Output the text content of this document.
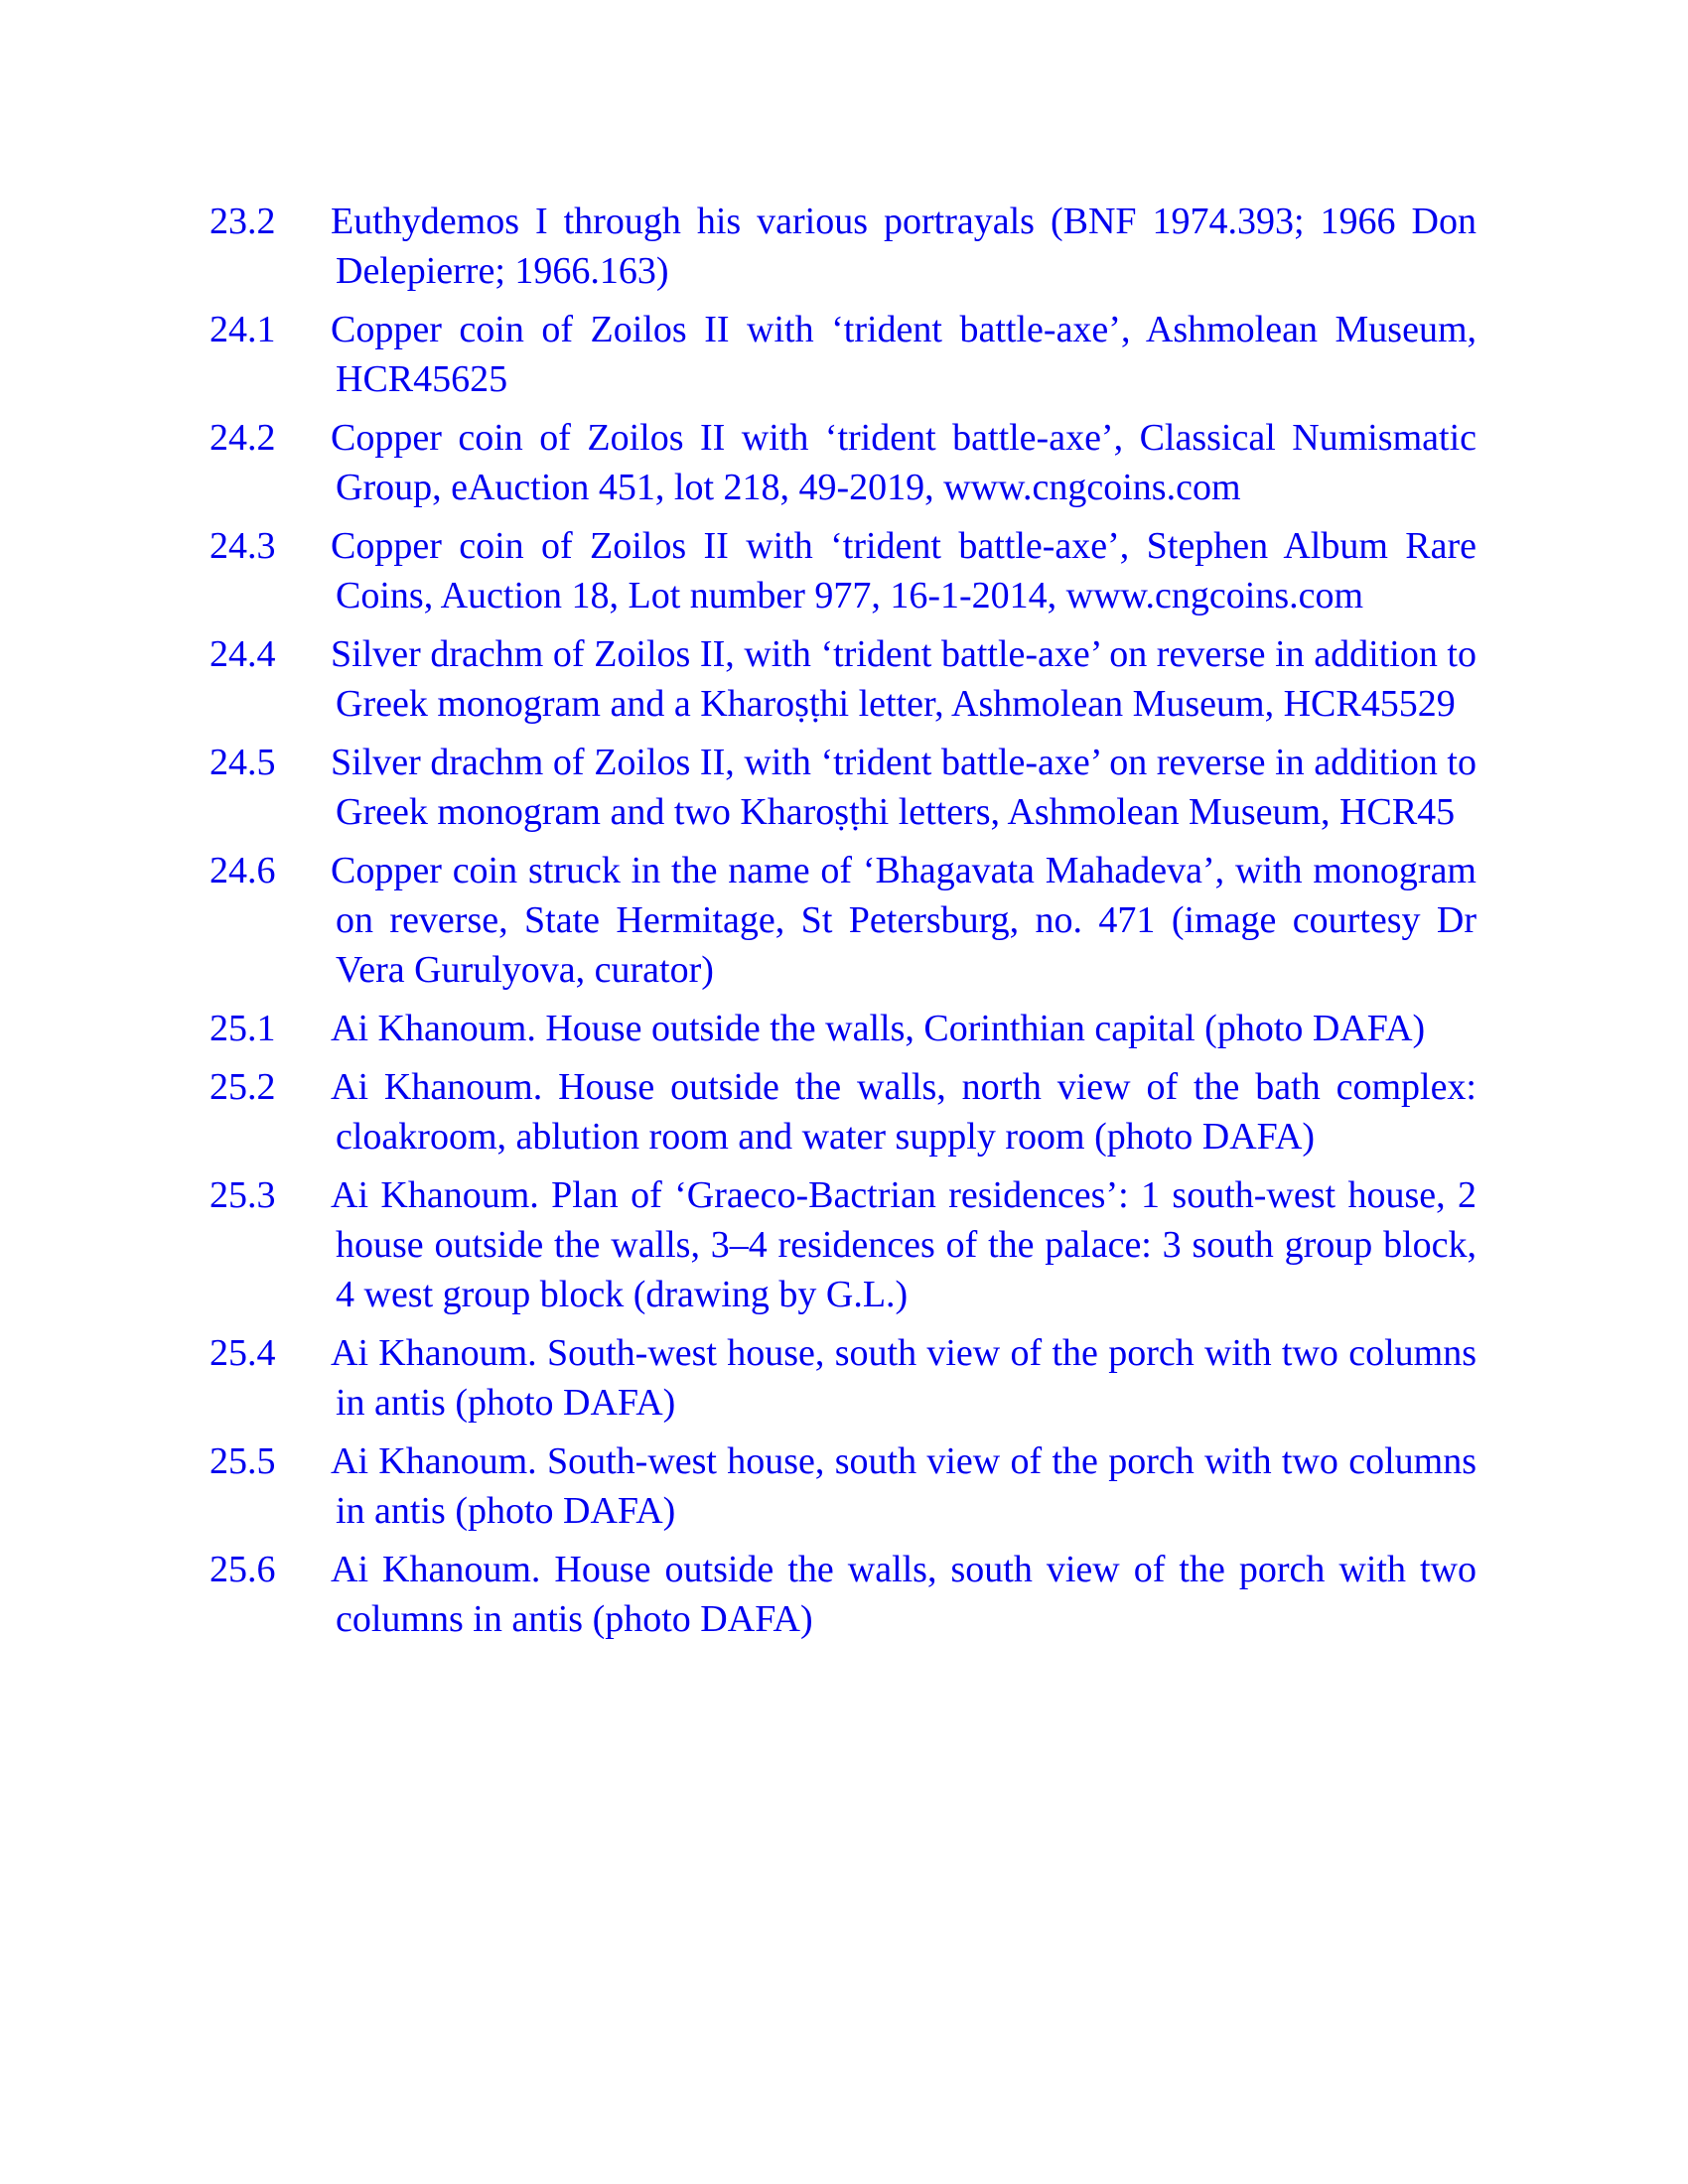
23.2 Euthydemos I through his various portrayals (BNF 1974.393; 1966 Don Delepierre; 1966.163)
24.1 Copper coin of Zoilos II with ‘trident battle-axe’, Ashmolean Museum, HCR45625
24.2 Copper coin of Zoilos II with ‘trident battle-axe’, Classical Numismatic Group, eAuction 451, lot 218, 49-2019, www.cngcoins.com
24.3 Copper coin of Zoilos II with ‘trident battle-axe’, Stephen Album Rare Coins, Auction 18, Lot number 977, 16-1-2014, www.cngcoins.com
24.4 Silver drachm of Zoilos II, with ‘trident battle-axe’ on reverse in addition to Greek monogram and a Kharoṣṭhi letter, Ashmolean Museum, HCR45529
24.5 Silver drachm of Zoilos II, with ‘trident battle-axe’ on reverse in addition to Greek monogram and two Kharoṣṭhi letters, Ashmolean Museum, HCR45
24.6 Copper coin struck in the name of ‘Bhagavata Mahadeva’, with monogram on reverse, State Hermitage, St Petersburg, no. 471 (image courtesy Dr Vera Gurulyova, curator)
25.1 Ai Khanoum. House outside the walls, Corinthian capital (photo DAFA)
25.2 Ai Khanoum. House outside the walls, north view of the bath complex: cloakroom, ablution room and water supply room (photo DAFA)
25.3 Ai Khanoum. Plan of ‘Graeco-Bactrian residences’: 1 south-west house, 2 house outside the walls, 3–4 residences of the palace: 3 south group block, 4 west group block (drawing by G.L.)
25.4 Ai Khanoum. South-west house, south view of the porch with two columns in antis (photo DAFA)
25.5 Ai Khanoum. South-west house, south view of the porch with two columns in antis (photo DAFA)
25.6 Ai Khanoum. House outside the walls, south view of the porch with two columns in antis (photo DAFA)
